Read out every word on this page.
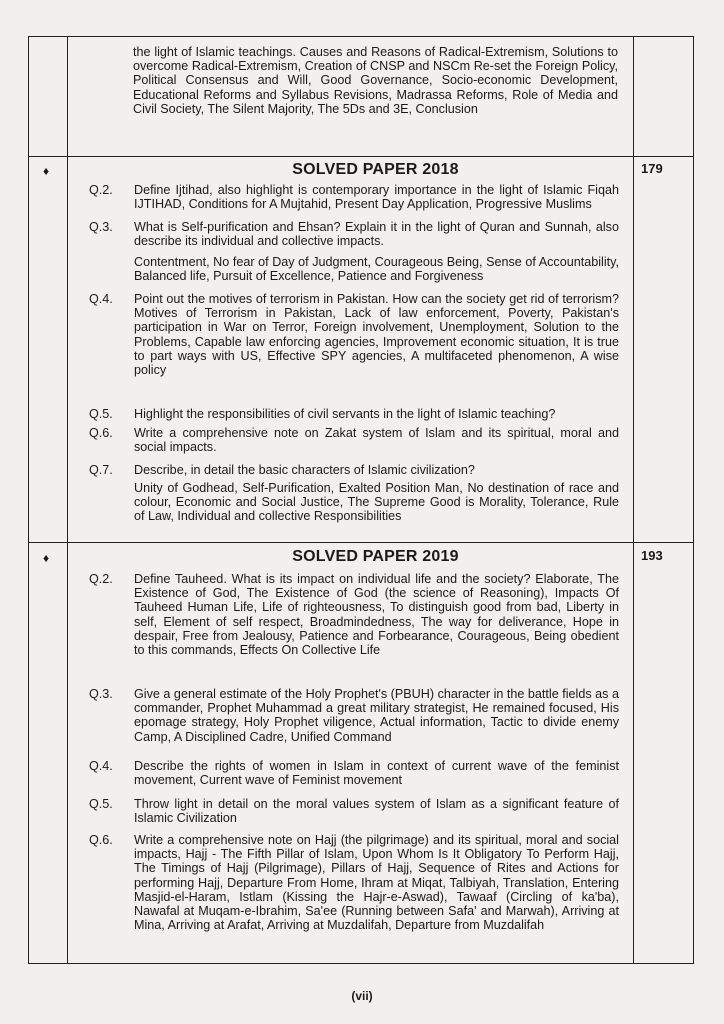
the light of Islamic teachings. Causes and Reasons of Radical-Extremism, Solutions to overcome Radical-Extremism, Creation of CNSP and NSCm Re-set the Foreign Policy, Political Consensus and Will, Good Governance, Socio-economic Development, Educational Reforms and Syllabus Revisions, Madrassa Reforms, Role of Media and Civil Society, The Silent Majority, The 5Ds and 3E, Conclusion
♦	SOLVED PAPER 2018	179
Q.2.	Define Ijtihad, also highlight is contemporary importance in the light of Islamic Fiqah IJTIHAD, Conditions for A Mujtahid, Present Day Application, Progressive Muslims
Q.3.	What is Self-purification and Ehsan? Explain it in the light of Quran and Sunnah, also describe its individual and collective impacts.
Contentment, No fear of Day of Judgment, Courageous Being, Sense of Accountability, Balanced life, Pursuit of Excellence, Patience and Forgiveness
Q.4.	Point out the motives of terrorism in Pakistan. How can the society get rid of terrorism? Motives of Terrorism in Pakistan, Lack of law enforcement, Poverty, Pakistan's participation in War on Terror, Foreign involvement, Unemployment, Solution to the Problems, Capable law enforcing agencies, Improvement economic situation, It is true to part ways with US, Effective SPY agencies, A multifaceted phenomenon, A wise policy
Q.5.	Highlight the responsibilities of civil servants in the light of Islamic teaching?
Q.6.	Write a comprehensive note on Zakat system of Islam and its spiritual, moral and social impacts.
Q.7.	Describe, in detail the basic characters of Islamic civilization?
Unity of Godhead, Self-Purification, Exalted Position Man, No destination of race and colour, Economic and Social Justice, The Supreme Good is Morality, Tolerance, Rule of Law, Individual and collective Responsibilities
♦	SOLVED PAPER 2019	193
Q.2.	Define Tauheed. What is its impact on individual life and the society? Elaborate, The Existence of God, The Existence of God (the science of Reasoning), Impacts Of Tauheed Human Life, Life of righteousness, To distinguish good from bad, Liberty in self, Element of self respect, Broadmindedness, The way for deliverance, Hope in despair, Free from Jealousy, Patience and Forbearance, Courageous, Being obedient to this commands, Effects On Collective Life
Q.3.	Give a general estimate of the Holy Prophet's (PBUH) character in the battle fields as a commander, Prophet Muhammad a great military strategist, He remained focused, His epomage strategy, Holy Prophet viligence, Actual information, Tactic to divide enemy Camp, A Disciplined Cadre, Unified Command
Q.4.	Describe the rights of women in Islam in context of current wave of the feminist movement, Current wave of Feminist movement
Q.5.	Throw light in detail on the moral values system of Islam as a significant feature of Islamic Civilization
Q.6.	Write a comprehensive note on Hajj (the pilgrimage) and its spiritual, moral and social impacts, Hajj - The Fifth Pillar of Islam, Upon Whom Is It Obligatory To Perform Hajj, The Timings of Hajj (Pilgrimage), Pillars of Hajj, Sequence of Rites and Actions for performing Hajj, Departure From Home, Ihram at Miqat, Talbiyah, Translation, Entering Masjid-el-Haram, Istlam (Kissing the Hajr-e-Aswad), Tawaaf (Circling of ka'ba), Nawafal at Muqam-e-Ibrahim, Sa'ee (Running between Safa' and Marwah), Arriving at Mina, Arriving at Arafat, Arriving at Muzdalifah, Departure from Muzdalifah
(vii)
